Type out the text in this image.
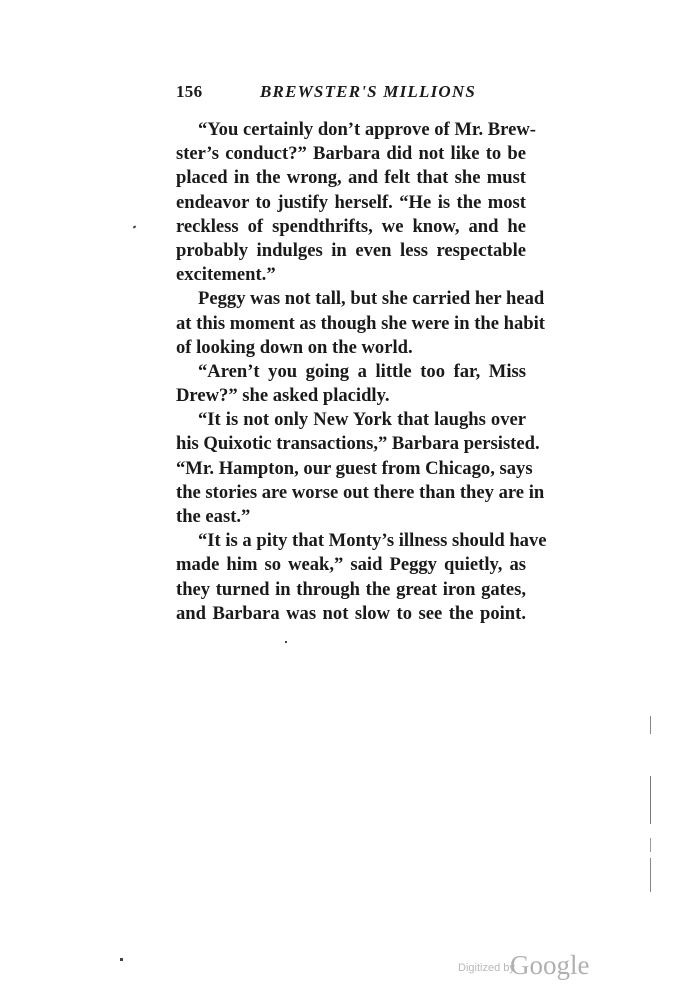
156	BREWSTER'S MILLIONS
“You certainly don’t approve of Mr. Brew-
ster’s conduct?” Barbara did not like to be
placed in the wrong, and felt that she must
endeavor to justify herself. “He is the most
reckless of spendthrifts, we know, and he
probably indulges in even less respectable
excitement.”
Peggy was not tall, but she carried her head
at this moment as though she were in the habit
of looking down on the world.
“Aren’t you going a little too far, Miss
Drew?” she asked placidly.
“It is not only New York that laughs over
his Quixotic transactions,” Barbara persisted.
“Mr. Hampton, our guest from Chicago, says
the stories are worse out there than they are in
the east.”
“It is a pity that Monty’s illness should have
made him so weak,” said Peggy quietly, as
they turned in through the great iron gates,
and Barbara was not slow to see the point.
Digitized by
Google
